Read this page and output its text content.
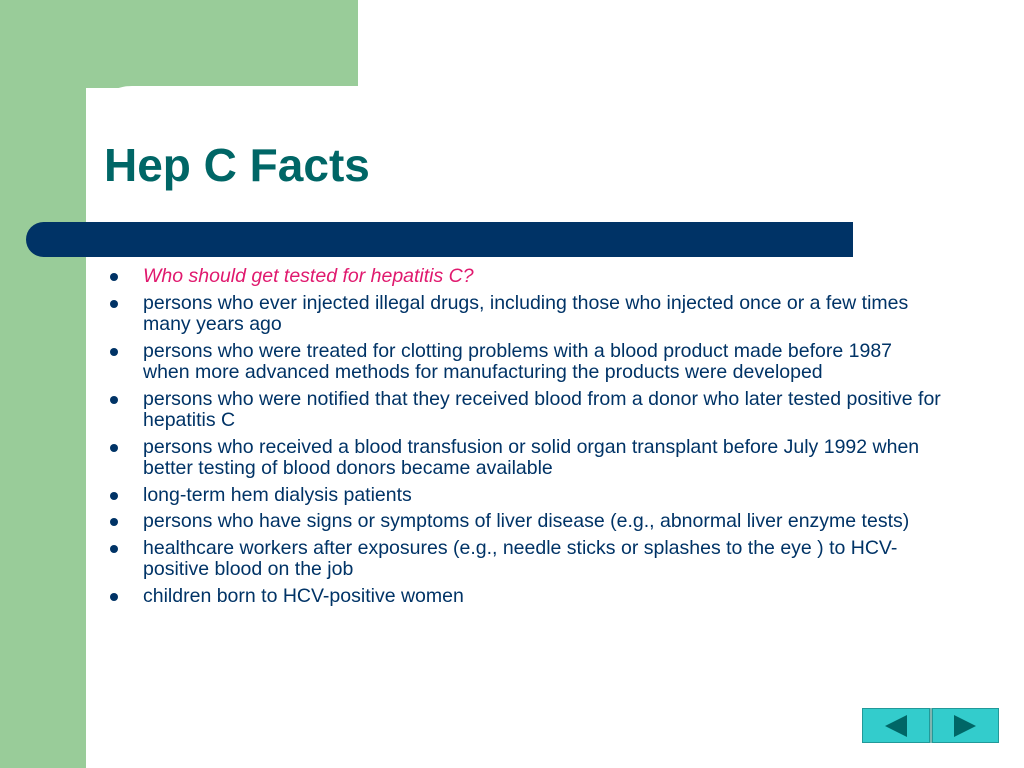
Hep C Facts
Who should get tested for hepatitis C?
persons who ever injected illegal drugs, including those who injected once or a few times many years ago
persons who were treated for clotting problems with a blood product made before 1987 when more advanced methods for manufacturing the products were developed
persons who were notified that they received blood from a donor who later tested positive for hepatitis C
persons who received a blood transfusion or solid organ transplant before July 1992 when better testing of blood donors became available
long-term hem dialysis patients
persons who have signs or symptoms of liver disease (e.g., abnormal liver enzyme tests)
healthcare workers after exposures (e.g., needle sticks or splashes to the eye ) to HCV-positive blood on the job
children born to HCV-positive women
